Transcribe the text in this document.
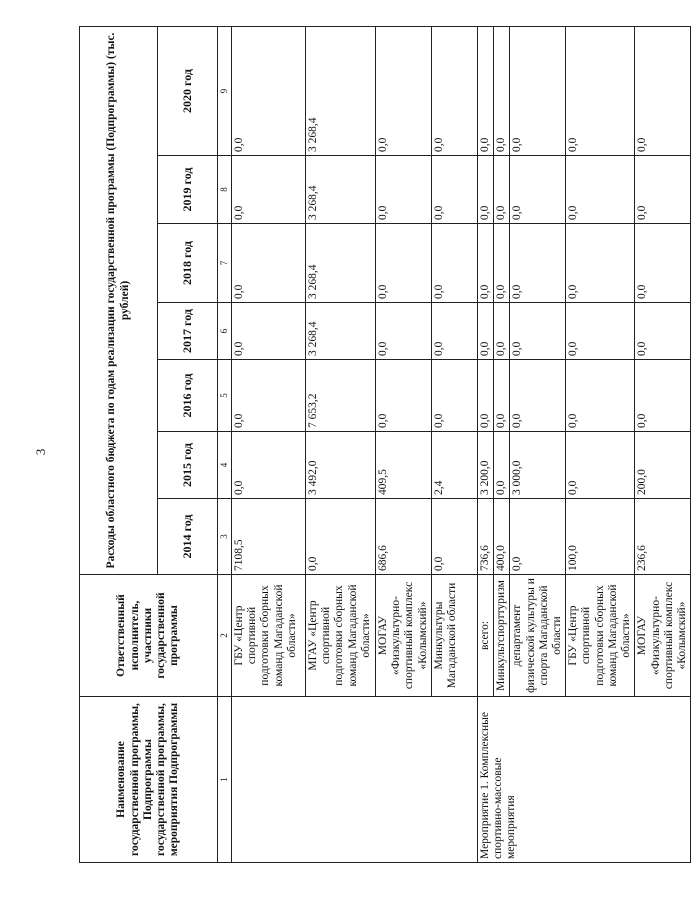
3
Наименование государственной программы, Подпрограммы государственной программы, мероприятия Подпрограммы	Ответственный исполнитель, участники государственной программы	Расходы областного бюджета по годам реализации государственной программы (Подпрограммы) (тыс. рублей)						
		2014 год	2015 год	2016 год	2017 год	2018 год	2019 год	2020 год
1	2	3	4	5	6	7	8	9
	ГБУ «Центр спортивной подготовки сборных команд Магаданской области»	7108,5	0,0	0,0	0,0	0,0	0,0	0,0
	МГАУ «Центр спортивной подготовки сборных команд Магаданской области»	0,0	3 492,0	7 653,2	3 268,4	3 268,4	3 268,4	3 268,4
	МОГАУ «Физкультурно-спортивный комплекс «Колымский»	686,6	409,5	0,0	0,0	0,0	0,0	0,0
	Минкультуры Магаданской области	0,0	2,4	0,0	0,0	0,0	0,0	0,0
Мероприятие 1. Комплексные спортивно-массовые мероприятия	всего:	736,6	3 200,0	0,0	0,0	0,0	0,0	0,0
	Минкультспорттуризм	400,0	0,0	0,0	0,0	0,0	0,0	0,0
	департамент физической культуры и спорта Магаданской области	0,0	3 000,0	0,0	0,0	0,0	0,0	0,0
	ГБУ «Центр спортивной подготовки сборных команд Магаданской области»	100,0	0,0	0,0	0,0	0,0	0,0	0,0
	МОГАУ «Физкультурно-спортивный комплекс «Колымский»	236,6	200,0	0,0	0,0	0,0	0,0	0,0
